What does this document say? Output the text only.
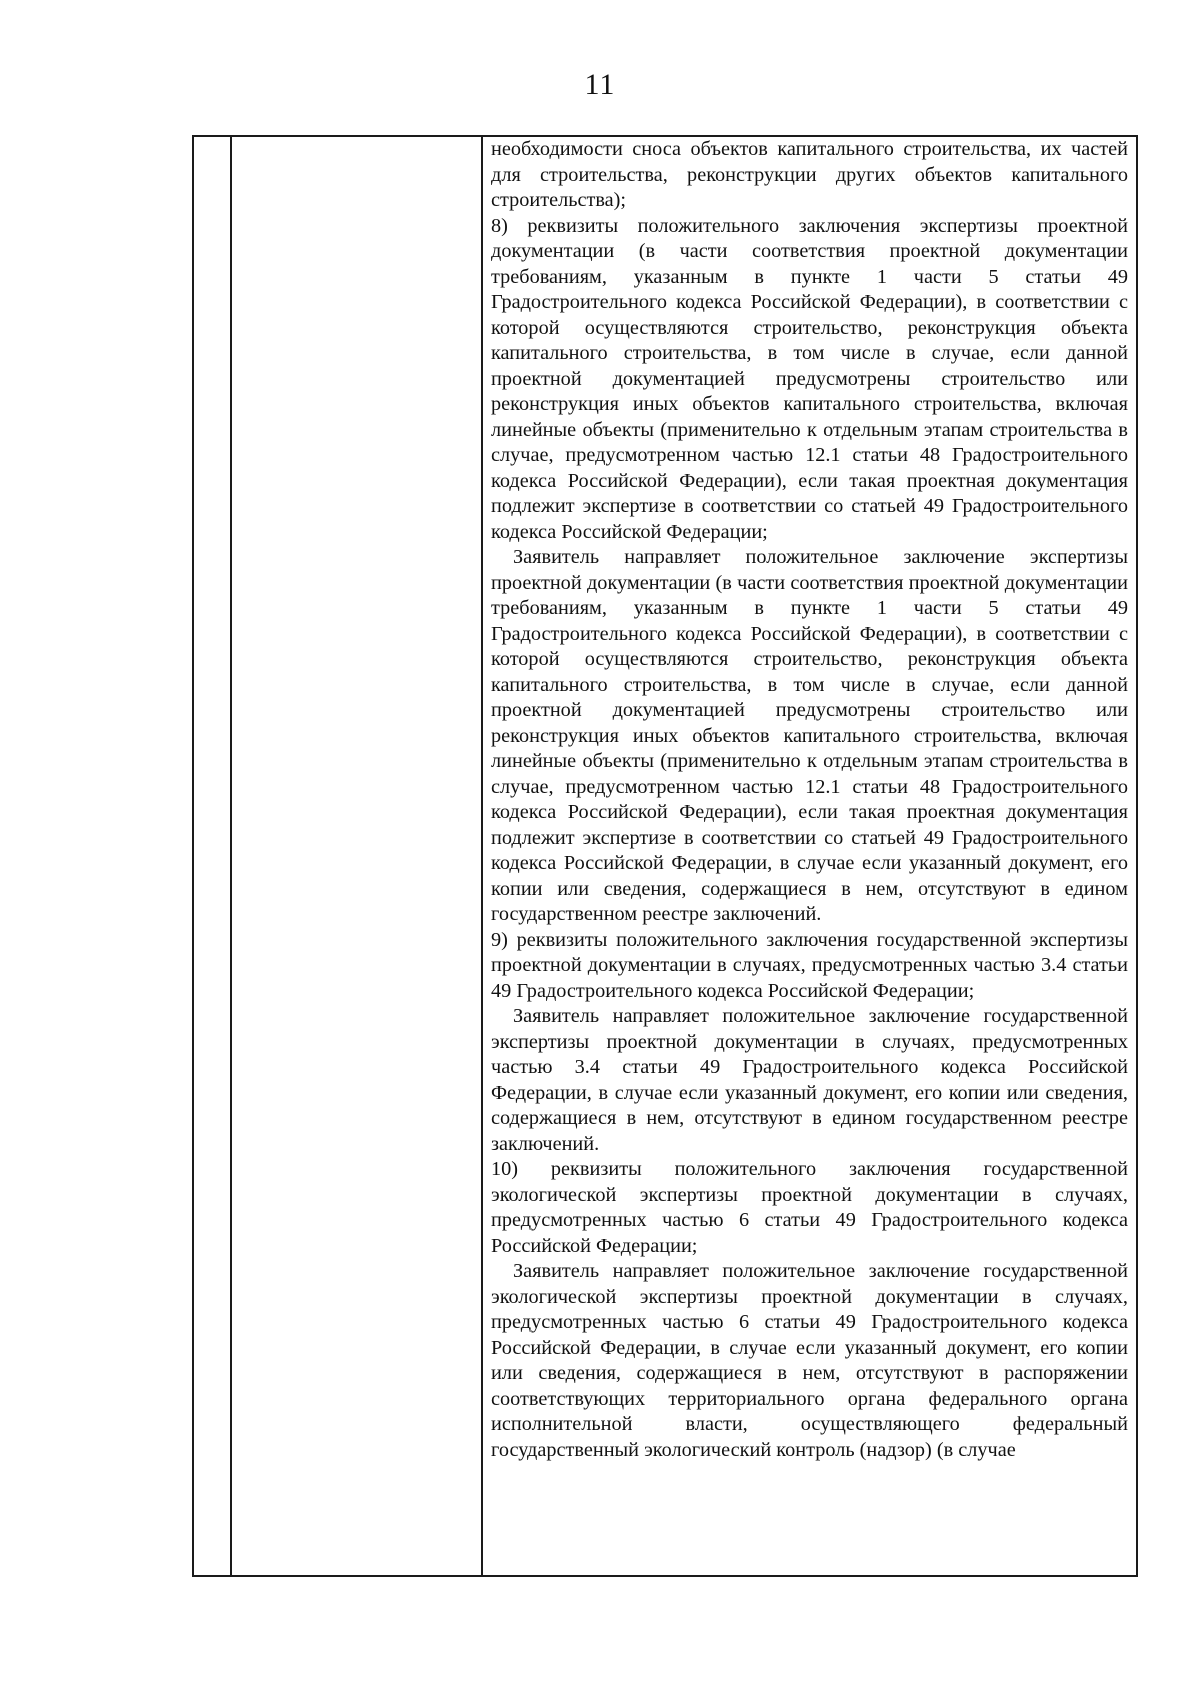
11

необходимости сноса объектов капитального строительства, их частей для строительства, реконструкции других объектов капитального строительства);

8) реквизиты положительного заключения экспертизы проектной документации (в части соответствия проектной документации требованиям, указанным в пункте 1 части 5 статьи 49 Градостроительного кодекса Российской Федерации), в соответствии с которой осуществляются строительство, реконструкция объекта капитального строительства, в том числе в случае, если данной проектной документацией предусмотрены строительство или реконструкция иных объектов капитального строительства, включая линейные объекты (применительно к отдельным этапам строительства в случае, предусмотренном частью 12.1 статьи 48 Градостроительного кодекса Российской Федерации), если такая проектная документация подлежит экспертизе в соответствии со статьей 49 Градостроительного кодекса Российской Федерации;

Заявитель направляет положительное заключение экспертизы проектной документации (в части соответствия проектной документации требованиям, указанным в пункте 1 части 5 статьи 49 Градостроительного кодекса Российской Федерации), в соответствии с которой осуществляются строительство, реконструкция объекта капитального строительства, в том числе в случае, если данной проектной документацией предусмотрены строительство или реконструкция иных объектов капитального строительства, включая линейные объекты (применительно к отдельным этапам строительства в случае, предусмотренном частью 12.1 статьи 48 Градостроительного кодекса Российской Федерации), если такая проектная документация подлежит экспертизе в соответствии со статьей 49 Градостроительного кодекса Российской Федерации, в случае если указанный документ, его копии или сведения, содержащиеся в нем, отсутствуют в едином государственном реестре заключений.

9) реквизиты положительного заключения государственной экспертизы проектной документации в случаях, предусмотренных частью 3.4 статьи 49 Градостроительного кодекса Российской Федерации;

Заявитель направляет положительное заключение государственной экспертизы проектной документации в случаях, предусмотренных частью 3.4 статьи 49 Градостроительного кодекса Российской Федерации, в случае если указанный документ, его копии или сведения, содержащиеся в нем, отсутствуют в едином государственном реестре заключений.

10) реквизиты положительного заключения государственной экологической экспертизы проектной документации в случаях, предусмотренных частью 6 статьи 49 Градостроительного кодекса Российской Федерации;

Заявитель направляет положительное заключение государственной экологической экспертизы проектной документации в случаях, предусмотренных частью 6 статьи 49 Градостроительного кодекса Российской Федерации, в случае если указанный документ, его копии или сведения, содержащиеся в нем, отсутствуют в распоряжении соответствующих территориального органа федерального органа исполнительной власти, осуществляющего федеральный государственный экологический контроль (надзор) (в случае
